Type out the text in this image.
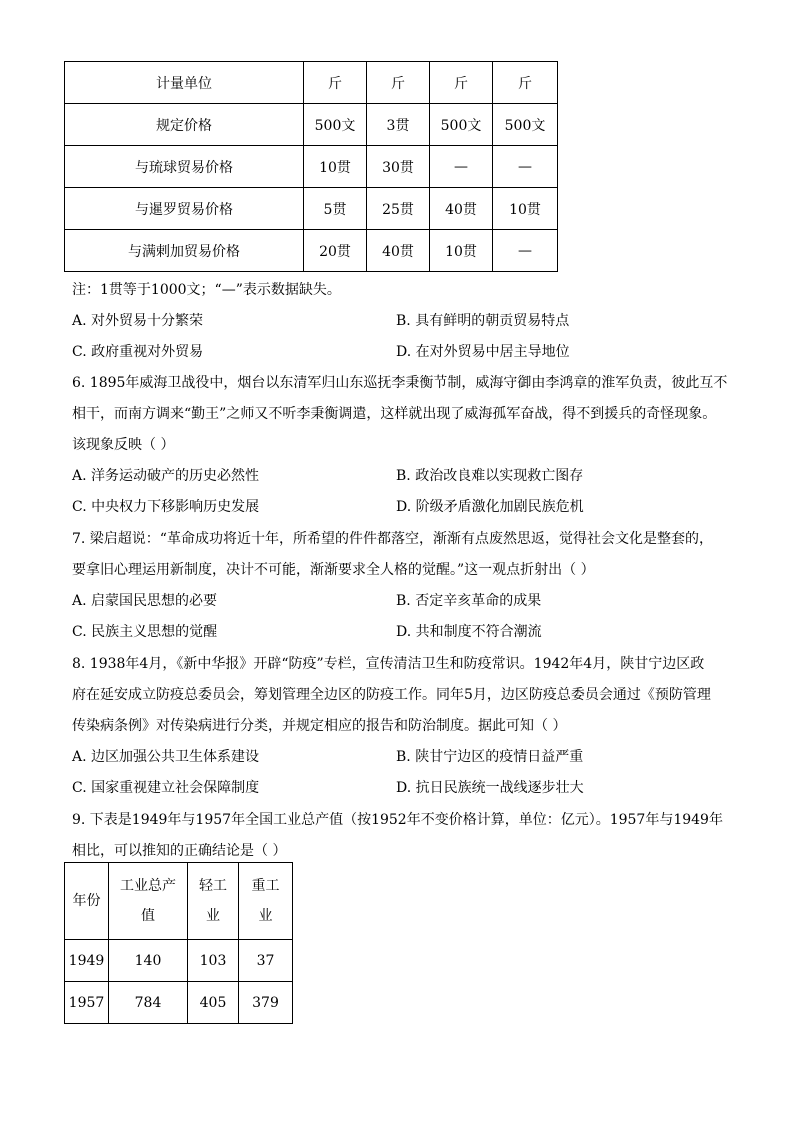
计量单位	斤	斤	斤	斤
规定价格	500文	3贯	500文	500文
与琉球贸易价格	10贯	30贯	—	—
与暹罗贸易价格	5贯	25贯	40贯	10贯
与满剌加贸易价格	20贯	40贯	10贯	—
注：1贯等于1000文；“—”表示数据缺失。
A. 对外贸易十分繁荣	B. 具有鲜明的朝贡贸易特点
C. 政府重视对外贸易	D. 在对外贸易中居主导地位
6. 1895年威海卫战役中，烟台以东清军归山东巡抚李秉衡节制，威海守御由李鸿章的淮军负责，彼此互不
相干，而南方调来“勤王”之师又不听李秉衡调遣，这样就出现了威海孤军奋战，得不到援兵的奇怪现象。
该现象反映（ ）
A. 洋务运动破产的历史必然性	B. 政治改良难以实现救亡图存
C. 中央权力下移影响历史发展	D. 阶级矛盾激化加剧民族危机
7. 梁启超说：“革命成功将近十年，所希望的件件都落空，渐渐有点废然思返，觉得社会文化是整套的，
要拿旧心理运用新制度，决计不可能，渐渐要求全人格的觉醒。”这一观点折射出（ ）
A. 启蒙国民思想的必要	B. 否定辛亥革命的成果
C. 民族主义思想的觉醒	D. 共和制度不符合潮流
8. 1938年4月，《新中华报》开辟“防疫”专栏，宣传清洁卫生和防疫常识。1942年4月，陕甘宁边区政
府在延安成立防疫总委员会，筹划管理全边区的防疫工作。同年5月，边区防疫总委员会通过《预防管理
传染病条例》对传染病进行分类，并规定相应的报告和防治制度。据此可知（ ）
A. 边区加强公共卫生体系建设	B. 陕甘宁边区的疫情日益严重
C. 国家重视建立社会保障制度	D. 抗日民族统一战线逐步壮大
9. 下表是1949年与1957年全国工业总产值（按1952年不变价格计算，单位：亿元）。1957年与1949年
相比，可以推知的正确结论是（ ）
年份	工业总产值	轻工业	重工业

1949	140	103	37
1957	784	405	379
